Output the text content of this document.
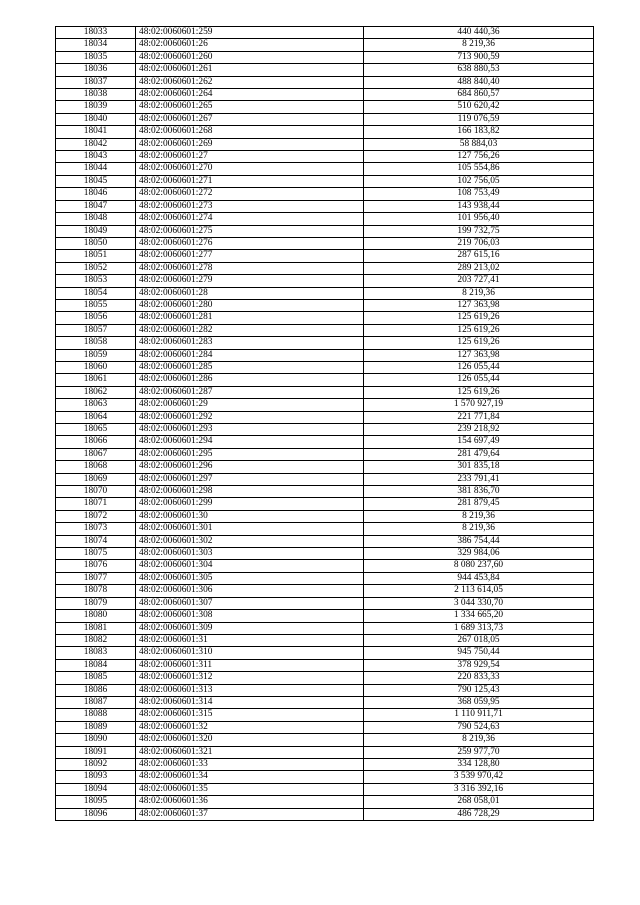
18033	48:02:0060601:259	440 440,36
18034	48:02:0060601:26	8 219,36
18035	48:02:0060601:260	713 900,59
18036	48:02:0060601:261	638 880,53
18037	48:02:0060601:262	488 840,40
18038	48:02:0060601:264	684 860,57
18039	48:02:0060601:265	510 620,42
18040	48:02:0060601:267	119 076,59
18041	48:02:0060601:268	166 183,82
18042	48:02:0060601:269	58 884,03
18043	48:02:0060601:27	127 756,26
18044	48:02:0060601:270	105 554,86
18045	48:02:0060601:271	102 756,05
18046	48:02:0060601:272	108 753,49
18047	48:02:0060601:273	143 938,44
18048	48:02:0060601:274	101 956,40
18049	48:02:0060601:275	199 732,75
18050	48:02:0060601:276	219 706,03
18051	48:02:0060601:277	287 615,16
18052	48:02:0060601:278	289 213,02
18053	48:02:0060601:279	203 727,41
18054	48:02:0060601:28	8 219,36
18055	48:02:0060601:280	127 363,98
18056	48:02:0060601:281	125 619,26
18057	48:02:0060601:282	125 619,26
18058	48:02:0060601:283	125 619,26
18059	48:02:0060601:284	127 363,98
18060	48:02:0060601:285	126 055,44
18061	48:02:0060601:286	126 055,44
18062	48:02:0060601:287	125 619,26
18063	48:02:0060601:29	1 570 927,19
18064	48:02:0060601:292	221 771,84
18065	48:02:0060601:293	239 218,92
18066	48:02:0060601:294	154 697,49
18067	48:02:0060601:295	281 479,64
18068	48:02:0060601:296	301 835,18
18069	48:02:0060601:297	233 791,41
18070	48:02:0060601:298	381 836,70
18071	48:02:0060601:299	281 879,45
18072	48:02:0060601:30	8 219,36
18073	48:02:0060601:301	8 219,36
18074	48:02:0060601:302	386 754,44
18075	48:02:0060601:303	329 984,06
18076	48:02:0060601:304	8 080 237,60
18077	48:02:0060601:305	944 453,84
18078	48:02:0060601:306	2 113 614,05
18079	48:02:0060601:307	3 044 330,70
18080	48:02:0060601:308	1 334 665,20
18081	48:02:0060601:309	1 689 313,73
18082	48:02:0060601:31	267 018,05
18083	48:02:0060601:310	945 750,44
18084	48:02:0060601:311	378 929,54
18085	48:02:0060601:312	220 833,33
18086	48:02:0060601:313	790 125,43
18087	48:02:0060601:314	368 059,95
18088	48:02:0060601:315	1 110 911,71
18089	48:02:0060601:32	790 524,63
18090	48:02:0060601:320	8 219,36
18091	48:02:0060601:321	259 977,70
18092	48:02:0060601:33	334 128,80
18093	48:02:0060601:34	3 539 970,42
18094	48:02:0060601:35	3 316 392,16
18095	48:02:0060601:36	268 058,01
18096	48:02:0060601:37	486 728,29
